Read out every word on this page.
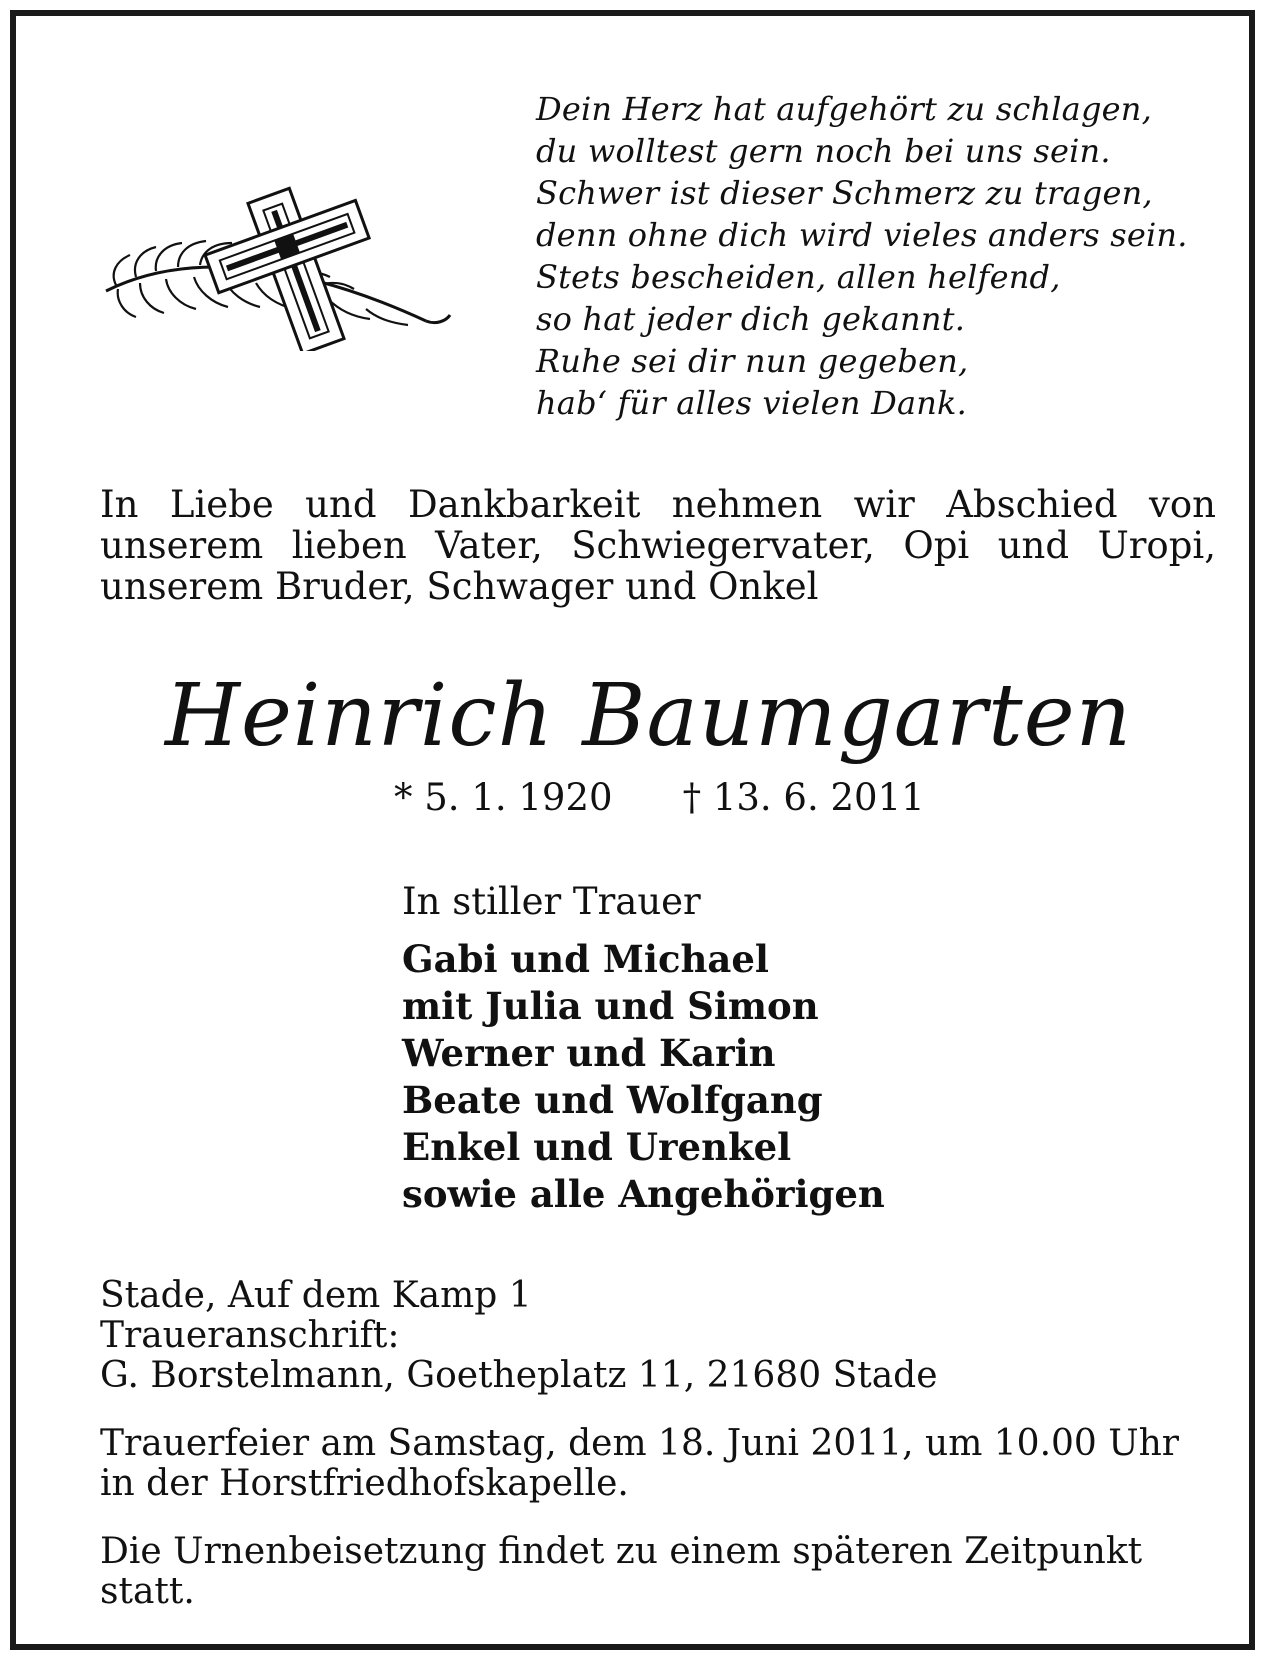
Dein Herz hat aufgehört zu schlagen,
du wolltest gern noch bei uns sein.
Schwer ist dieser Schmerz zu tragen,
denn ohne dich wird vieles anders sein.
Stets bescheiden, allen helfend,
so hat jeder dich gekannt.
Ruhe sei dir nun gegeben,
hab‘ für alles vielen Dank.
In Liebe und Dankbarkeit nehmen wir Abschied von
unserem lieben Vater, Schwiegervater, Opi und Uropi,
unserem Bruder, Schwager und Onkel
Heinrich Baumgarten
* 5. 1. 1920 † 13. 6. 2011
In stiller Trauer
Gabi und Michael
mit Julia und Simon
Werner und Karin
Beate und Wolfgang
Enkel und Urenkel
sowie alle Angehörigen
Stade, Auf dem Kamp 1
Traueranschrift:
G. Borstelmann, Goetheplatz 11, 21680 Stade
Trauerfeier am Samstag, dem 18. Juni 2011, um 10.00 Uhr
in der Horstfriedhofskapelle.
Die Urnenbeisetzung findet zu einem späteren Zeitpunkt
statt.
